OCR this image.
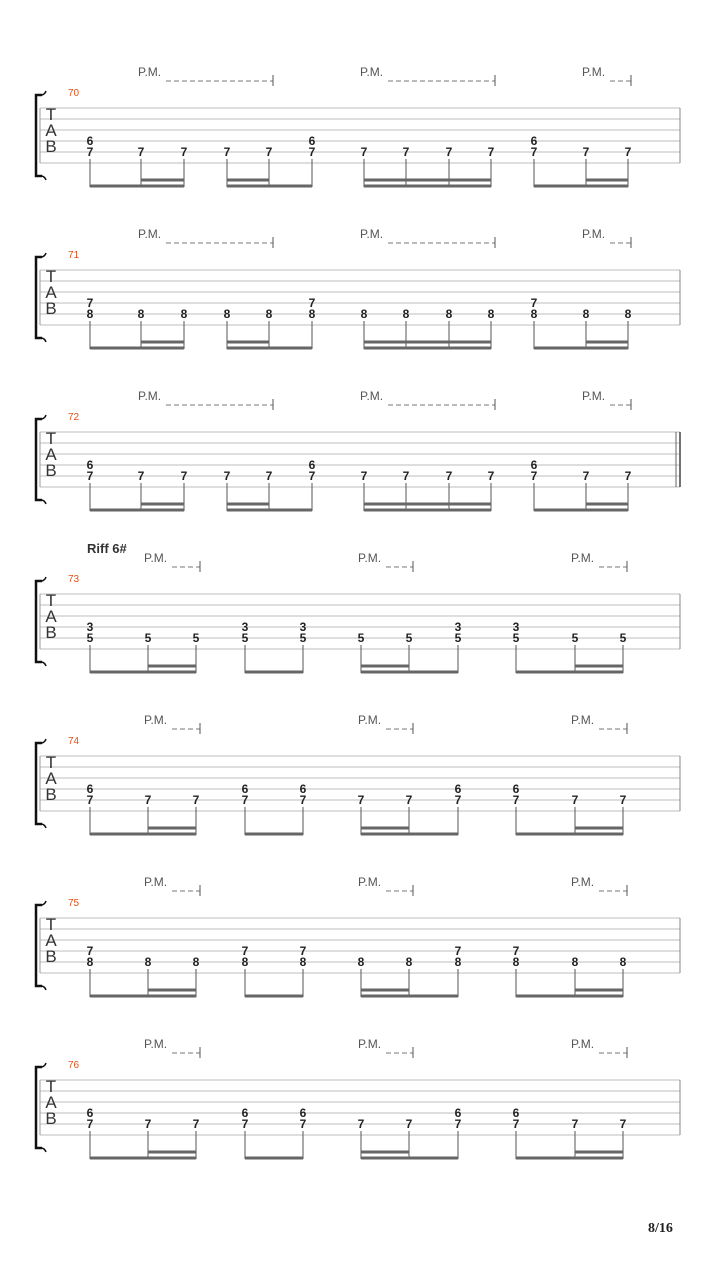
T
A
B
70
P.M.	P.M.	P.M.
6
7	7	7	7	7
6
7	7	7	7	7
6
7	7	7
T
A
B
71
P.M.	P.M.	P.M.
7
8	8	8	8	8
7
8	8	8	8	8
7
8	8	8
T
A
B
72
P.M.	P.M.	P.M.
6
7	7	7	7	7
6
7	7	7	7	7
6
7	7	7
T
A
B
73
Riff 6#
P.M.	P.M.	P.M.
3
5	5	5
3
5
3
5	5	5
3
5
3
5	5	5
T
A
B
74
P.M.	P.M.	P.M.
6
7	7	7
6
7
6
7	7	7
6
7
6
7	7	7
T
A
B
75
P.M.	P.M.	P.M.
7
8	8	8
7
8
7
8	8	8
7
8
7
8	8	8
T
A
B
76
P.M.	P.M.	P.M.
6
7	7	7
6
7
6
7	7	7
6
7
6
7	7	7
8/16
